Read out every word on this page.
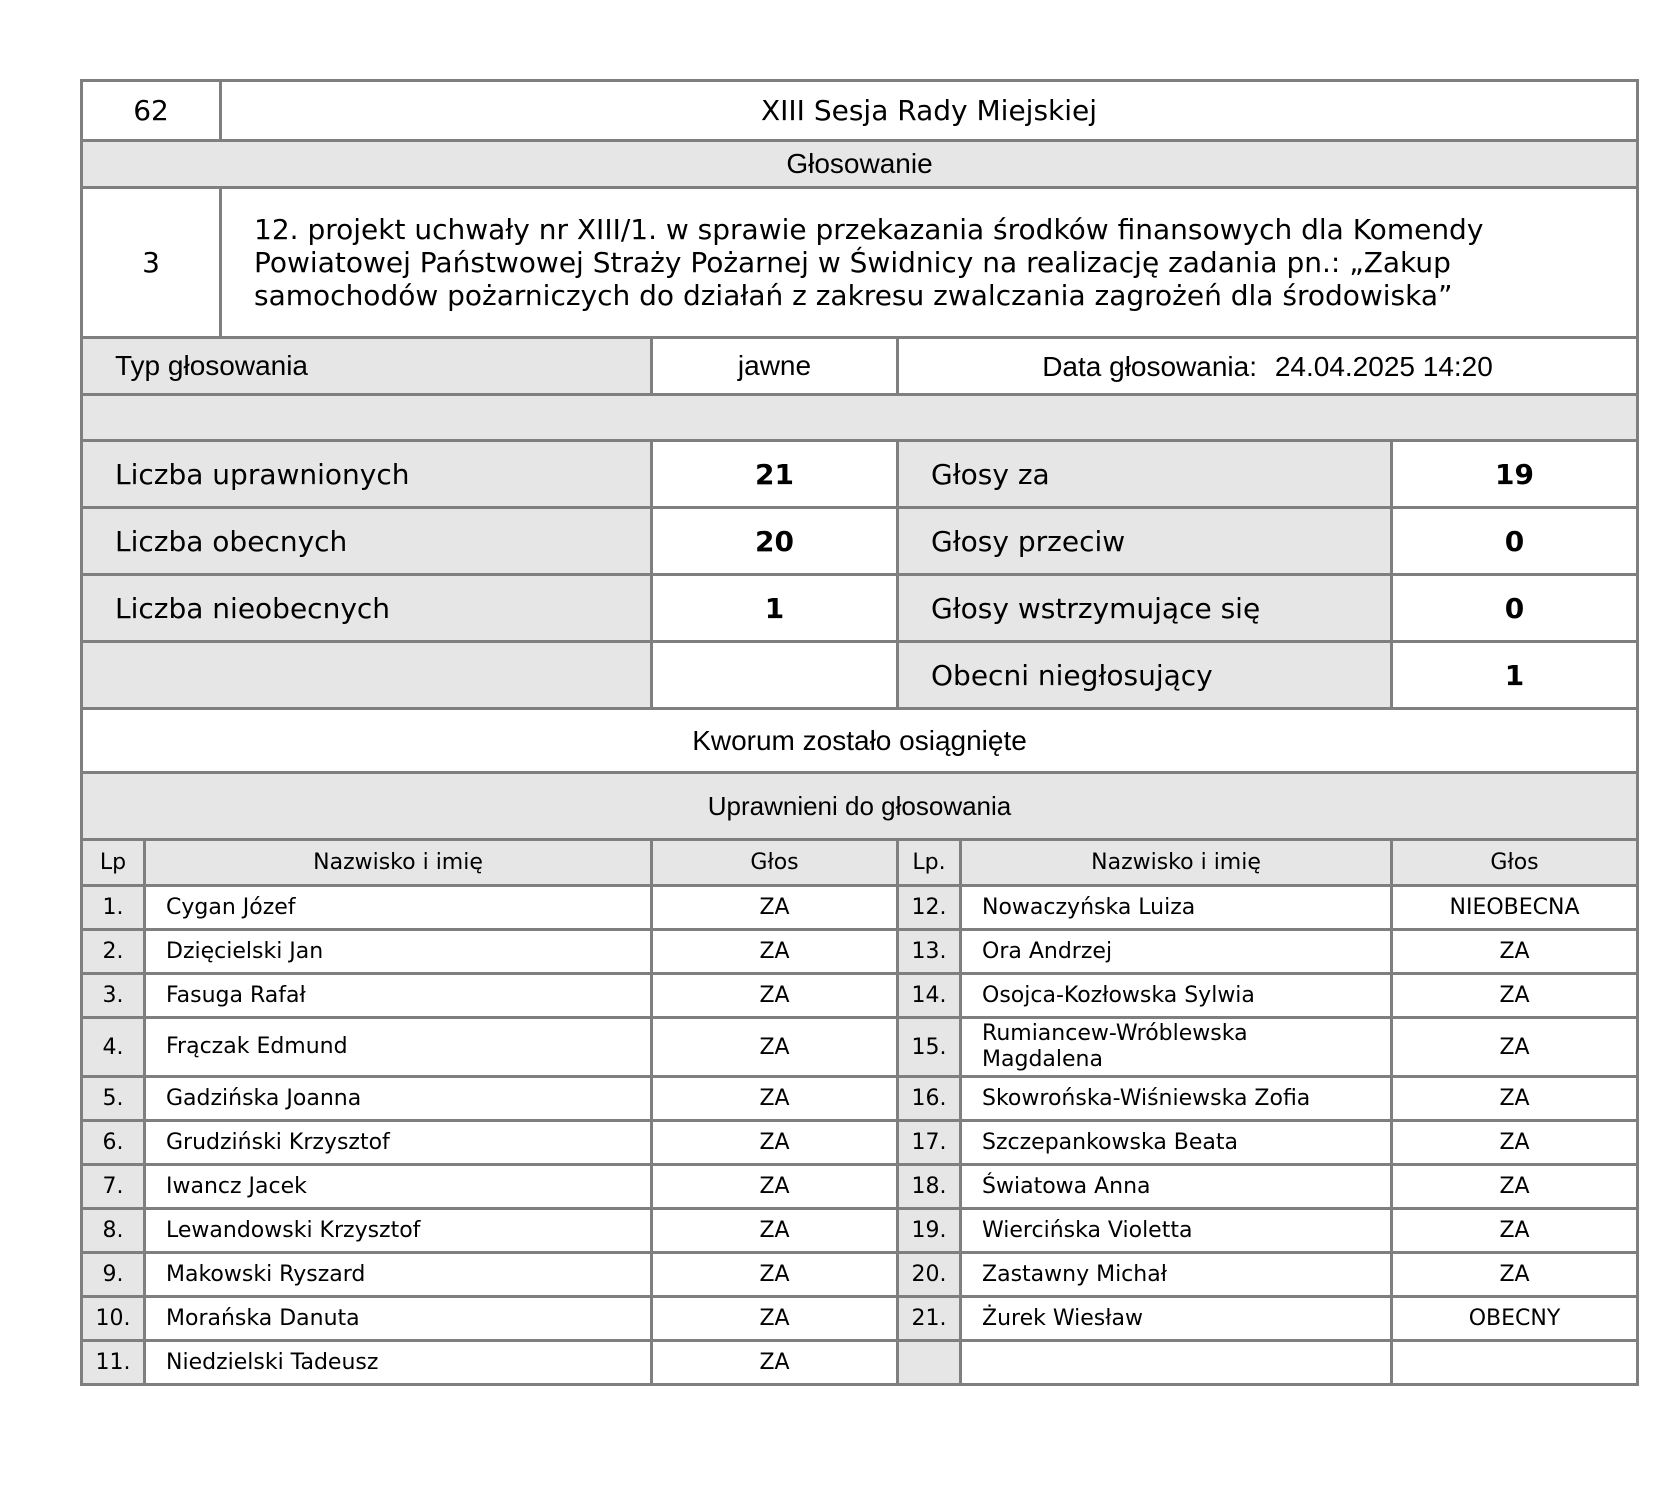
62		XIII Sesja Rady Miejskiej				
Głosowanie						
3		12. projekt uchwały nr XIII/1. w sprawie przekazania środków finansowych dla Komendy Powiatowej Państwowej Straży Pożarnej w Świdnicy na realizację zadania pn.: „Zakup samochodów pożarniczych do działań z zakresu zwalczania zagrożeń dla środowiska”				
Typ głosowania			jawne	Data głosowania: 24.04.2025 14:20		

Liczba uprawnionych			21	Głosy za		19
Liczba obecnych			20	Głosy przeciw		0
Liczba nieobecnych			1	Głosy wstrzymujące się		0
				Obecni niegłosujący		1
Kworum zostało osiągnięte						
Uprawnieni do głosowania						
Lp	Nazwisko i imię		Głos	Lp.	Nazwisko i imię	Głos
1.	Cygan Józef		ZA	12.	Nowaczyńska Luiza	NIEOBECNA
2.	Dzięcielski Jan		ZA	13.	Ora Andrzej	ZA
3.	Fasuga Rafał		ZA	14.	Osojca-Kozłowska Sylwia	ZA
4.	Frączak Edmund		ZA	15.	Rumiancew-Wróblewska Magdalena	ZA
5.	Gadzińska Joanna		ZA	16.	Skowrońska-Wiśniewska Zofia	ZA
6.	Grudziński Krzysztof		ZA	17.	Szczepankowska Beata	ZA
7.	Iwancz Jacek		ZA	18.	Światowa Anna	ZA
8.	Lewandowski Krzysztof		ZA	19.	Wiercińska Violetta	ZA
9.	Makowski Ryszard		ZA	20.	Zastawny Michał	ZA
10.	Morańska Danuta		ZA	21.	Żurek Wiesław	OBECNY
11.	Niedzielski Tadeusz		ZA			
